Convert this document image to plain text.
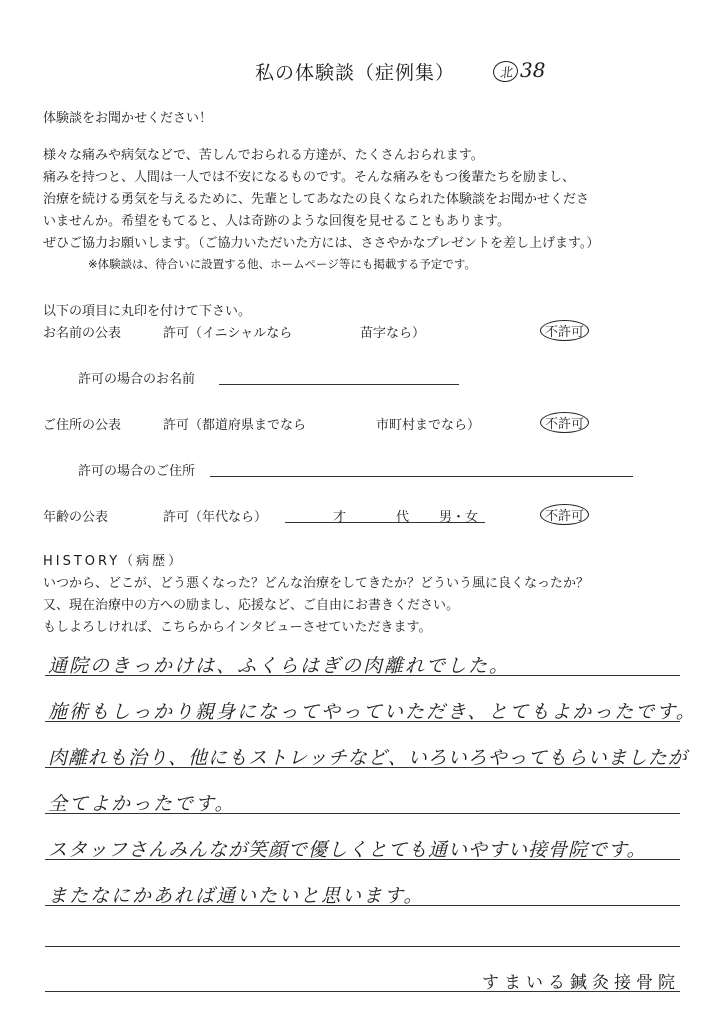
私の体験談（症例集）	北 38
体験談をお聞かせください！
様々な痛みや病気などで、苦しんでおられる方達が、たくさんおられます。
痛みを持つと、人間は一人では不安になるものです。そんな痛みをもつ後輩たちを励まし、
治療を続ける勇気を与えるために、先輩としてあなたの良くなられた体験談をお聞かせくださ
いませんか。希望をもてると、人は奇跡のような回復を見せることもあります。
ぜひご協力お願いします。（ご協力いただいた方には、ささやかなプレゼントを差し上げます。）
※体験談は、待合いに設置する他、ホームページ等にも掲載する予定です。
以下の項目に丸印を付けて下さい。
お名前の公表	許可（イニシャルなら	苗字なら）	不許可
許可の場合のお名前
ご住所の公表	許可（都道府県までなら	市町村までなら）	不許可
許可の場合のご住所
年齢の公表	許可（年代なら）	才	代 男・女	不許可
HISTORY（病歴）
いつから、どこが、どう悪くなった？どんな治療をしてきたか？どういう風に良くなったか？
又、現在治療中の方への励まし、応援など、ご自由にお書きください。
もしよろしければ、こちらからインタビューさせていただきます。
通院のきっかけは、ふくらはぎの肉離れでした。
施術もしっかり親身になってやっていただき、とてもよかったです。
肉離れも治り、他にもストレッチなど、いろいろやってもらいましたが
全てよかったです。
スタッフさんみんなが笑顔で優しくとても通いやすい接骨院です。
またなにかあれば通いたいと思います。
すまいる鍼灸接骨院
